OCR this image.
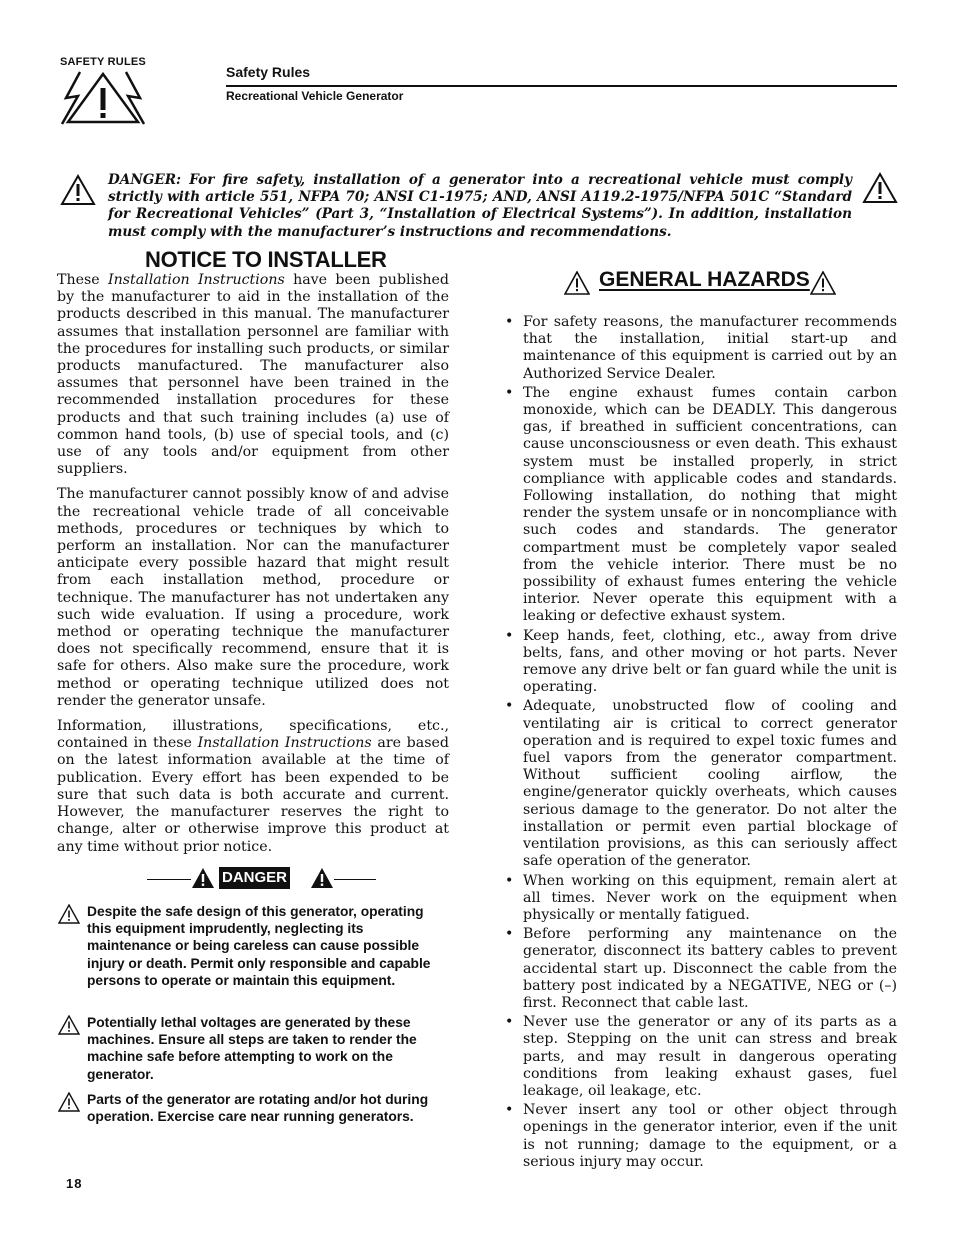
SAFETY RULES
Safety Rules
Recreational Vehicle Generator
DANGER: For fire safety, installation of a generator into a recreational vehicle must comply strictly with article 551, NFPA 70; ANSI C1-1975; AND, ANSI A119.2-1975/NFPA 501C “Standard for Recreational Vehicles” (Part 3, “Installation of Electrical Systems”). In addition, installation must comply with the manufacturer’s instructions and recommendations.
NOTICE TO INSTALLER

These Installation Instructions have been published by the manufacturer to aid in the installation of the products described in this manual. The manufacturer assumes that installation personnel are familiar with the procedures for installing such products, or similar products manufactured. The manufacturer also assumes that personnel have been trained in the recommended installation procedures for these products and that such training includes (a) use of common hand tools, (b) use of special tools, and (c) use of any tools and/or equipment from other suppliers.

The manufacturer cannot possibly know of and advise the recreational vehicle trade of all conceivable methods, procedures or techniques by which to perform an installation. Nor can the manufacturer anticipate every possible hazard that might result from each installation method, procedure or technique. The manufacturer has not undertaken any such wide evaluation. If using a procedure, work method or operating technique the manufacturer does not specifically recommend, ensure that it is safe for others. Also make sure the procedure, work method or operating technique utilized does not render the generator unsafe.

Information, illustrations, specifications, etc., contained in these Installation Instructions are based on the latest information available at the time of publication. Every effort has been expended to be sure that such data is both accurate and current. However, the manufacturer reserves the right to change, alter or otherwise improve this product at any time without prior notice.

DANGER
Despite the safe design of this generator, operating this equipment imprudently, neglecting its maintenance or being careless can cause possible injury or death. Permit only responsible and capable persons to operate or maintain this equipment.
Potentially lethal voltages are generated by these machines. Ensure all steps are taken to render the machine safe before attempting to work on the generator.
Parts of the generator are rotating and/or hot during operation. Exercise care near running generators.
GENERAL HAZARDS
• For safety reasons, the manufacturer recommends that the installation, initial start-up and maintenance of this equipment is carried out by an Authorized Service Dealer.
• The engine exhaust fumes contain carbon monoxide, which can be DEADLY. This dangerous gas, if breathed in sufficient concentrations, can cause unconsciousness or even death. This exhaust system must be installed properly, in strict compliance with applicable codes and standards. Following installation, do nothing that might render the system unsafe or in noncompliance with such codes and standards. The generator compartment must be completely vapor sealed from the vehicle interior. There must be no possibility of exhaust fumes entering the vehicle interior. Never operate this equipment with a leaking or defective exhaust system.
• Keep hands, feet, clothing, etc., away from drive belts, fans, and other moving or hot parts. Never remove any drive belt or fan guard while the unit is operating.
• Adequate, unobstructed flow of cooling and ventilating air is critical to correct generator operation and is required to expel toxic fumes and fuel vapors from the generator compartment. Without sufficient cooling airflow, the engine/generator quickly overheats, which causes serious damage to the generator. Do not alter the installation or permit even partial blockage of ventilation provisions, as this can seriously affect safe operation of the generator.
• When working on this equipment, remain alert at all times. Never work on the equipment when physically or mentally fatigued.
• Before performing any maintenance on the generator, disconnect its battery cables to prevent accidental start up. Disconnect the cable from the battery post indicated by a NEGATIVE, NEG or (–) first. Reconnect that cable last.
• Never use the generator or any of its parts as a step. Stepping on the unit can stress and break parts, and may result in dangerous operating conditions from leaking exhaust gases, fuel leakage, oil leakage, etc.
• Never insert any tool or other object through openings in the generator interior, even if the unit is not running; damage to the equipment, or a serious injury may occur.
18
